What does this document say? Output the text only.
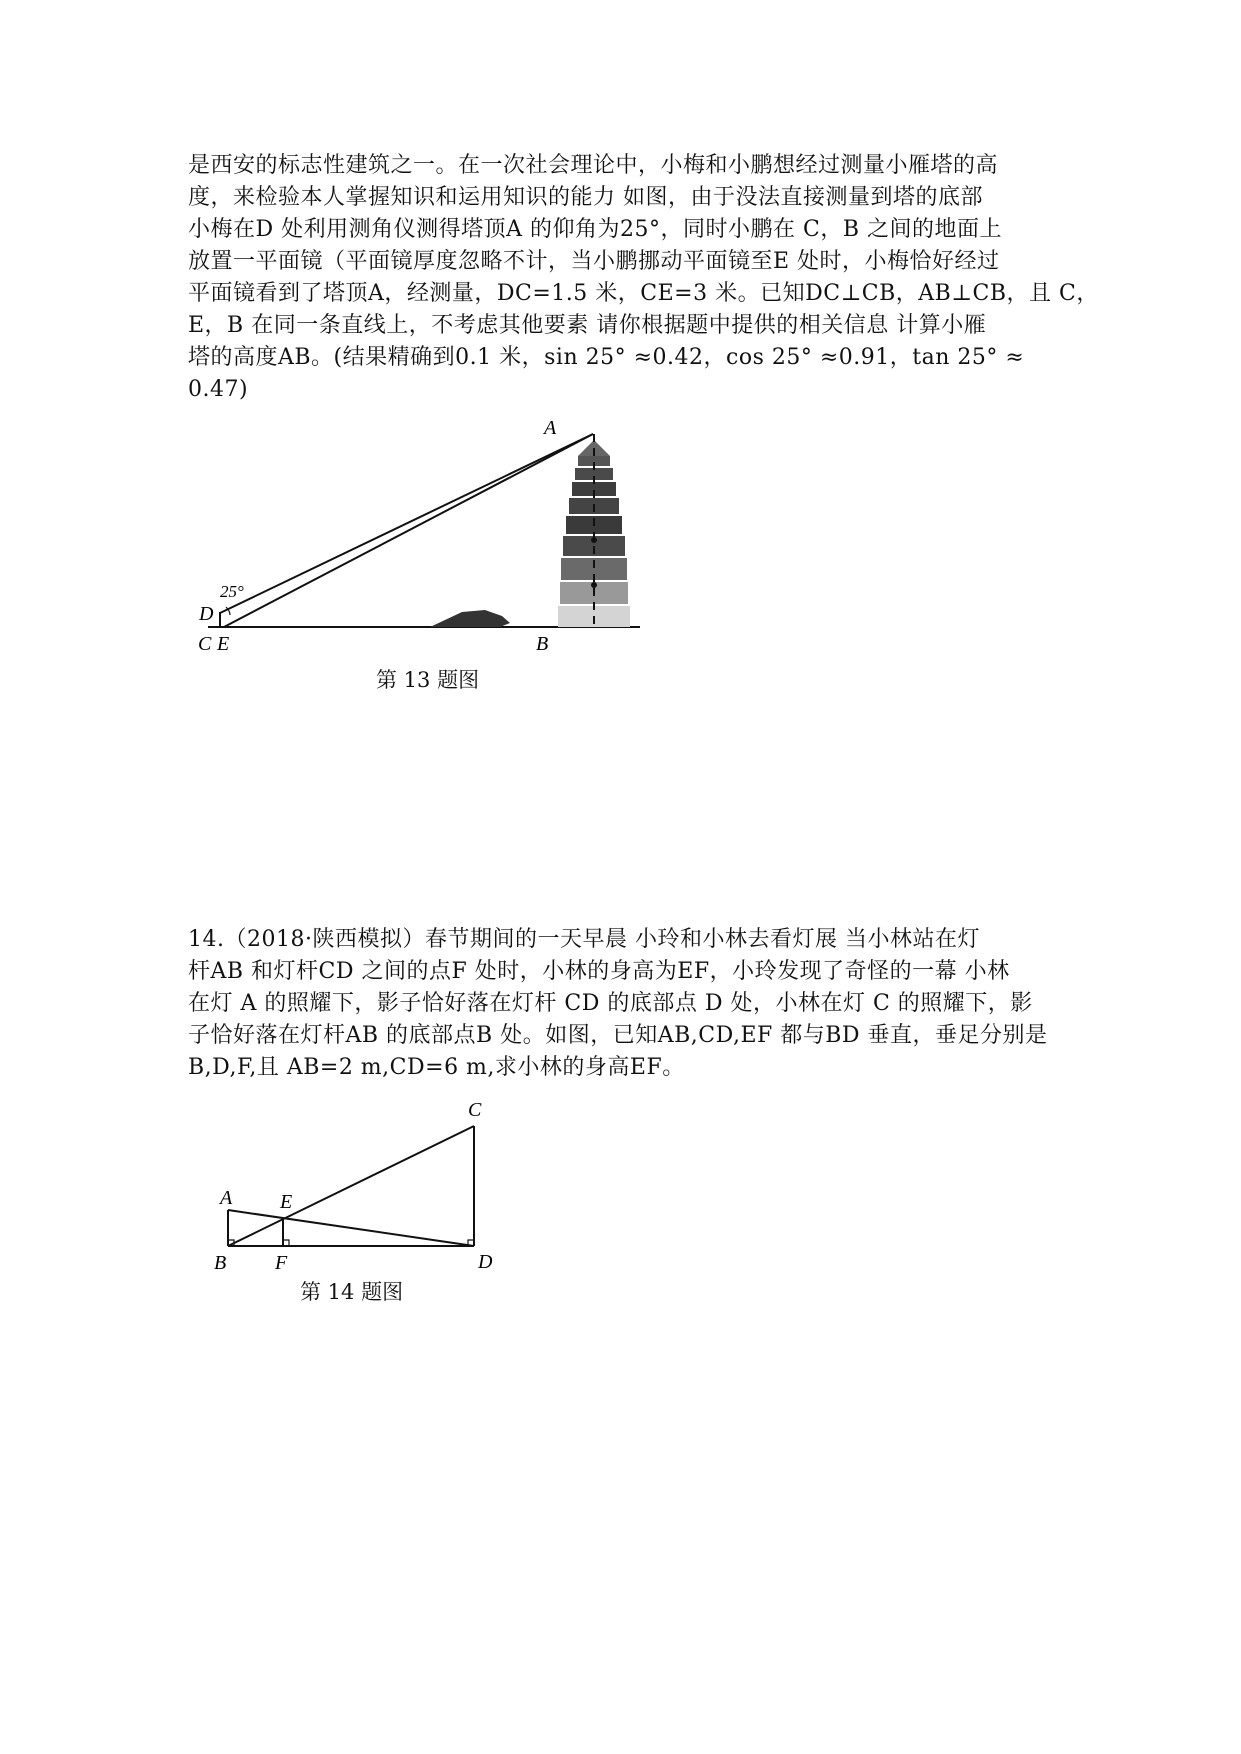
是西安的标志性建筑之一。在一次社会理论中，小梅和小鹏想经过测量小雁塔的高
度，来检验本人掌握知识和运用知识的能力 如图，由于没法直接测量到塔的底部
小梅在D 处利用测角仪测得塔顶A 的仰角为25°，同时小鹏在 C，B 之间的地面上
放置一平面镜（平面镜厚度忽略不计，当小鹏挪动平面镜至E 处时，小梅恰好经过
平面镜看到了塔顶A，经测量，DC=1.5 米，CE=3 米。已知DC⊥CB，AB⊥CB，且 C，
E，B 在同一条直线上，不考虑其他要素 请你根据题中提供的相关信息 计算小雁
塔的高度AB。(结果精确到0.1 米，sin 25° ≈0.42，cos 25° ≈0.91，tan 25° ≈
0.47)
A
B
C E
D
25°
第 13 题图
14.（2018·陕西模拟）春节期间的一天早晨 小玲和小林去看灯展 当小林站在灯
杆AB 和灯杆CD 之间的点F 处时，小林的身高为EF，小玲发现了奇怪的一幕 小林
在灯 A 的照耀下，影子恰好落在灯杆 CD 的底部点 D 处，小林在灯 C 的照耀下，影
子恰好落在灯杆AB 的底部点B 处。如图，已知AB,CD,EF 都与BD 垂直，垂足分别是
B,D,F,且 AB=2 m,CD=6 m,求小林的身高EF。
A
B
C
D
E
F
第 14 题图
